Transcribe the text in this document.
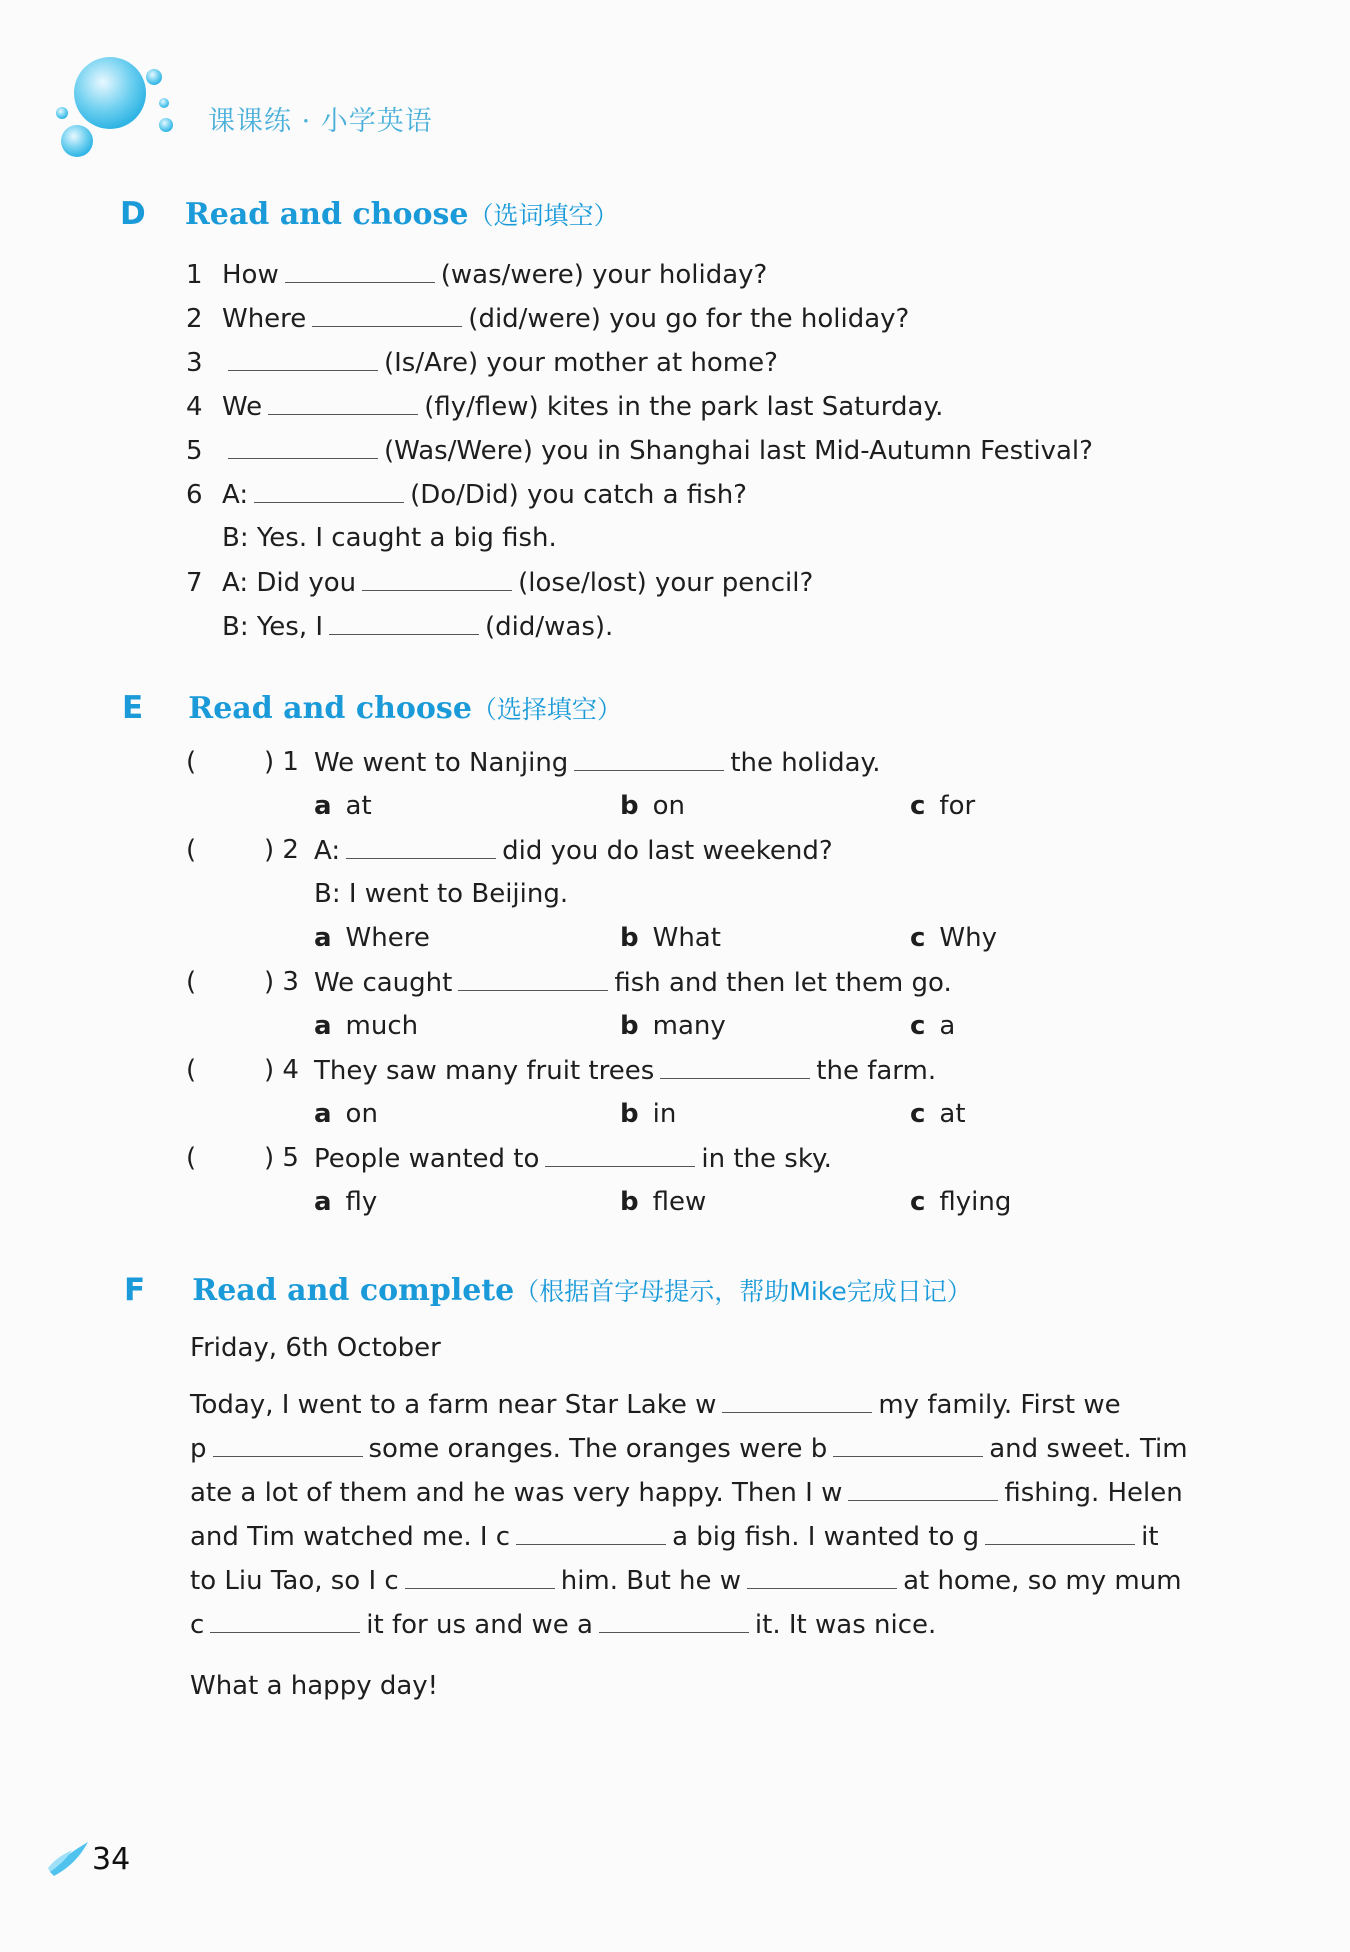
课课练 · 小学英语
D Read and choose（选词填空）
1 How	(was/were) your holiday?
2 Where	(did/were) you go for the holiday?
3	(Is/Are) your mother at home?
4 We	(fly/flew) kites in the park last Saturday.
5	(Was/Were) you in Shanghai last Mid-Autumn Festival?
6 A:	(Do/Did) you catch a fish?
B: Yes. I caught a big fish.
7 A: Did you	(lose/lost) your pencil?
B: Yes, I	(did/was).
E Read and choose（选择填空）
(	) 1 We went to Nanjing	the holiday.
a at	b on	c for
(	) 2 A:	did you do last weekend?
B: I went to Beijing.
a Where	b What	c Why
(	) 3 We caught	fish and then let them go.
a much	b many	c a
(	) 4 They saw many fruit trees	the farm.
a on	b in	c at
(	) 5 People wanted to	in the sky.
a fly	b flew	c flying
F Read and complete（根据首字母提示，帮助Mike完成日记）
Friday, 6th October
Today, I went to a farm near Star Lake w	my family. First we
p	some oranges. The oranges were b	and sweet. Tim
ate a lot of them and he was very happy. Then I w	fishing. Helen
and Tim watched me. I c	a big fish. I wanted to g	it
to Liu Tao, so I c	him. But he w	at home, so my mum
c	it for us and we a	it. It was nice.
What a happy day!
34
